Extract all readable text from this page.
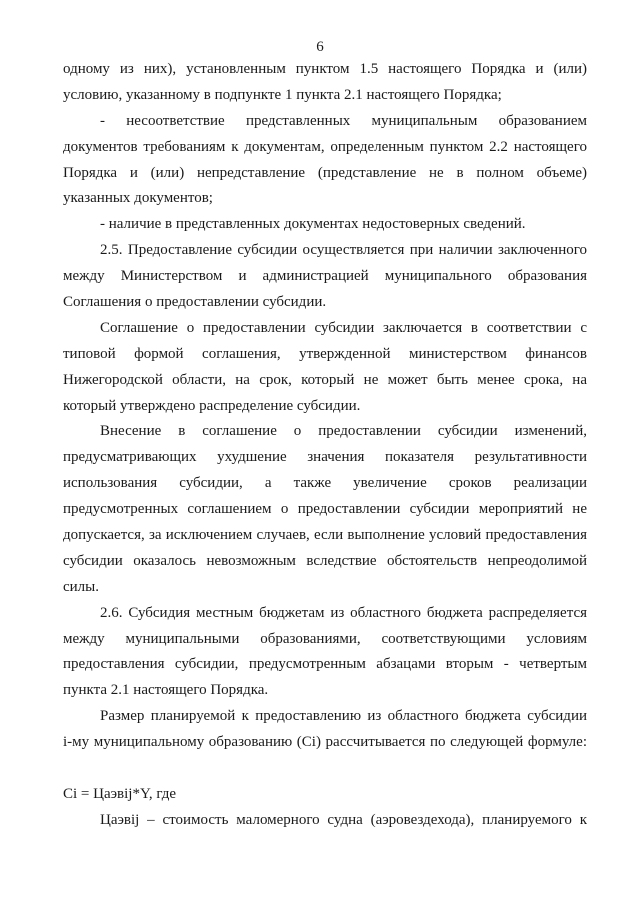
6
одному из них), установленным пунктом 1.5 настоящего Порядка и (или)
условию, указанному в подпункте 1 пункта 2.1 настоящего Порядка;
- несоответствие представленных муниципальным образованием
документов требованиям к документам, определенным пунктом 2.2 настоящего
Порядка и (или) непредставление (представление не в полном объеме)
указанных документов;
- наличие в представленных документах недостоверных сведений.
2.5. Предоставление субсидии осуществляется при наличии заключенного
между Министерством и администрацией муниципального образования
Соглашения о предоставлении субсидии.
Соглашение о предоставлении субсидии заключается в соответствии с
типовой формой соглашения, утвержденной министерством финансов
Нижегородской области, на срок, который не может быть менее срока, на
который утверждено распределение субсидии.
Внесение в соглашение о предоставлении субсидии изменений,
предусматривающих ухудшение значения показателя результативности
использования субсидии, а также увеличение сроков реализации
предусмотренных соглашением о предоставлении субсидии мероприятий не
допускается, за исключением случаев, если выполнение условий предоставления
субсидии оказалось невозможным вследствие обстоятельств непреодолимой
силы.
2.6. Субсидия местным бюджетам из областного бюджета распределяется
между муниципальными образованиями, соответствующими условиям
предоставления субсидии, предусмотренным абзацами вторым - четвертым
пункта 2.1 настоящего Порядка.
Размер планируемой к предоставлению из областного бюджета субсидии
i-му муниципальному образованию (Ci) рассчитывается по следующей формуле:
Ci = Цаэвij*Y, где
Цаэвij – стоимость маломерного судна (аэровездехода), планируемого к
